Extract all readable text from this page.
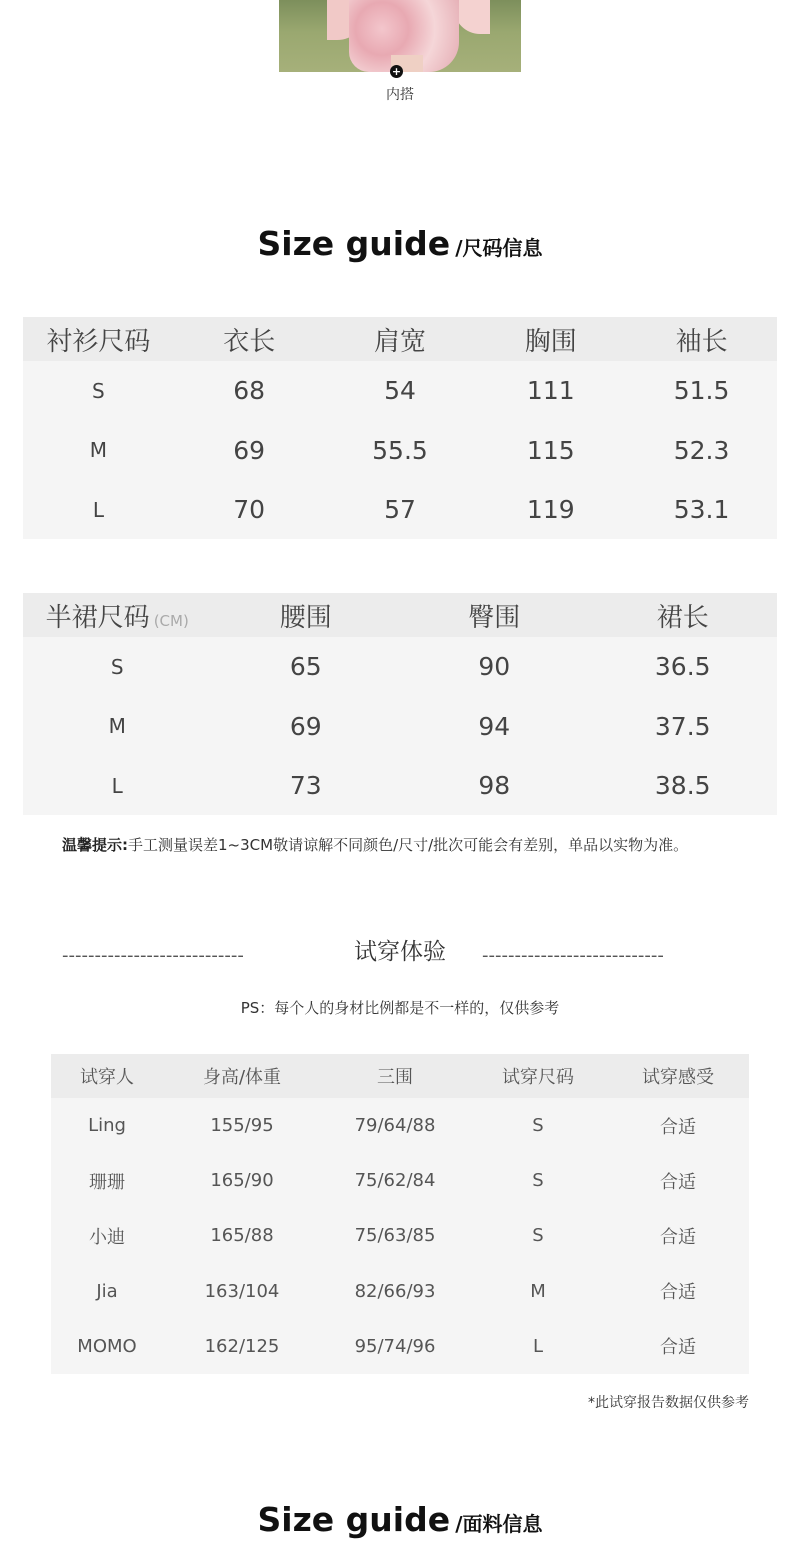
+
内搭
Size guide /尺码信息
衬衫尺码	衣长	肩宽	胸围	袖长
S	68	54	111	51.5
M	69	55.5	115	52.3
L	70	57	119	53.1
半裙尺码 (CM)	腰围	臀围	裙长
S	65	90	36.5
M	69	94	37.5
L	73	98	38.5
温馨提示:手工测量误差1~3CM敬请谅解不同颜色/尺寸/批次可能会有差别，单品以实物为准。
----------------------------	试穿体验	----------------------------
PS：每个人的身材比例都是不一样的，仅供参考
试穿人	身高/体重	三围	试穿尺码	试穿感受
Ling	155/95	79/64/88	S	合适
珊珊	165/90	75/62/84	S	合适
小迪	165/88	75/63/85	S	合适
Jia	163/104	82/66/93	M	合适
MOMO	162/125	95/74/96	L	合适
*此试穿报告数据仅供参考
Size guide /面料信息
